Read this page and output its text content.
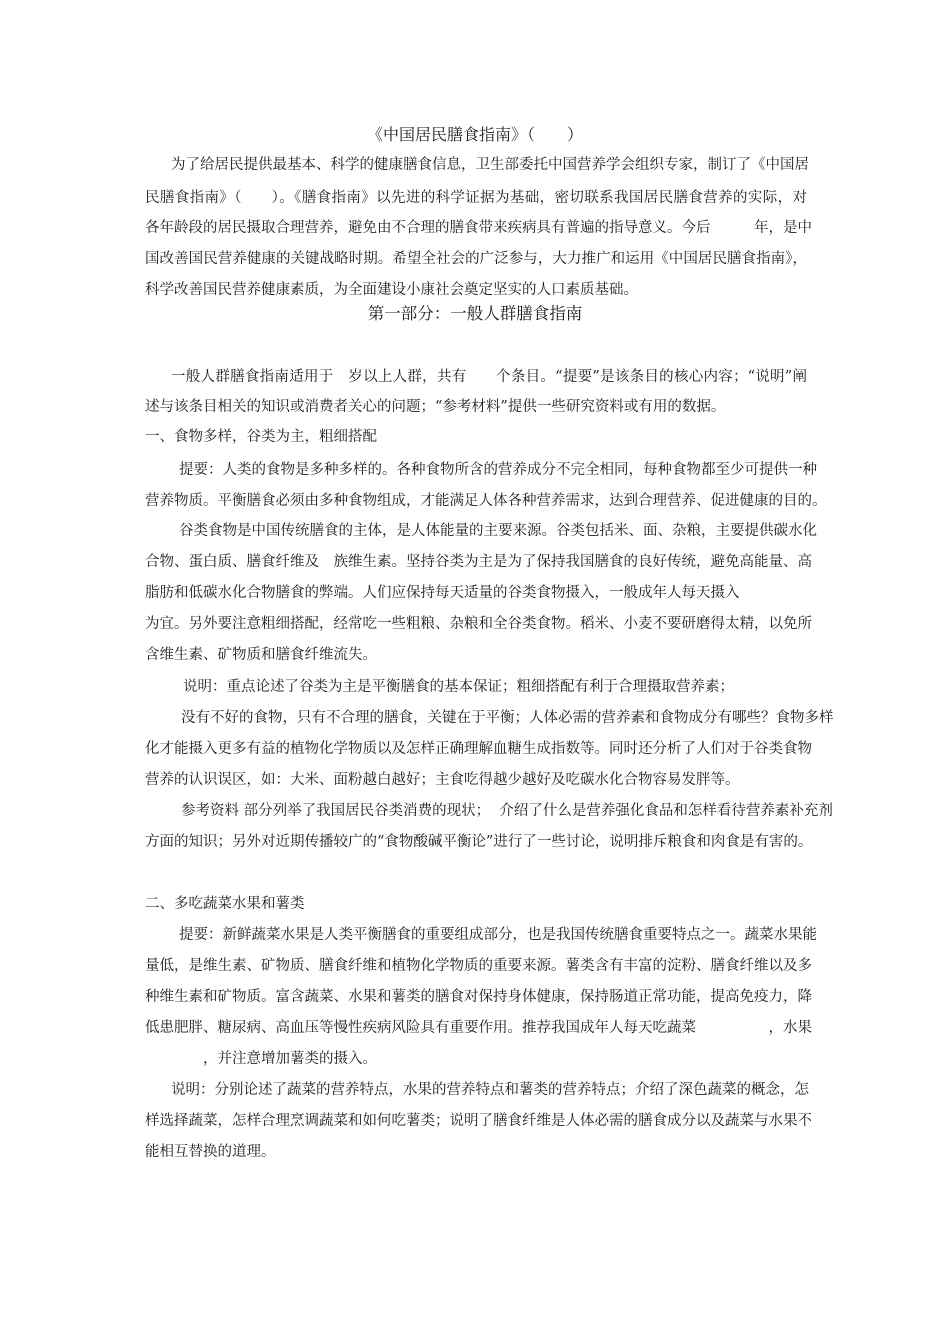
《中国居民膳食指南》（　　）
为了给居民提供最基本、科学的健康膳食信息，卫生部委托中国营养学会组织专家，制订了《中国居
民膳食指南》（　　）。《膳食指南》以先进的科学证据为基础，密切联系我国居民膳食营养的实际，对
各年龄段的居民摄取合理营养，避免由不合理的膳食带来疾病具有普遍的指导意义。今后　　　年，是中
国改善国民营养健康的关键战略时期。希望全社会的广泛参与，大力推广和运用《中国居民膳食指南》，
科学改善国民营养健康素质，为全面建设小康社会奠定坚实的人口素质基础。
第一部分：一般人群膳食指南
一般人群膳食指南适用于　岁以上人群，共有　　个条目。“提要”是该条目的核心内容；“说明”阐
述与该条目相关的知识或消费者关心的问题；“参考材料”提供一些研究资料或有用的数据。
一、食物多样，谷类为主，粗细搭配
提要：人类的食物是多种多样的。各种食物所含的营养成分不完全相同，每种食物都至少可提供一种
营养物质。平衡膳食必须由多种食物组成，才能满足人体各种营养需求，达到合理营养、促进健康的目的。
谷类食物是中国传统膳食的主体，是人体能量的主要来源。谷类包括米、面、杂粮，主要提供碳水化
合物、蛋白质、膳食纤维及　族维生素。坚持谷类为主是为了保持我国膳食的良好传统，避免高能量、高
脂肪和低碳水化合物膳食的弊端。人们应保持每天适量的谷类食物摄入，一般成年人每天摄入
为宜。另外要注意粗细搭配，经常吃一些粗粮、杂粮和全谷类食物。稻米、小麦不要研磨得太精，以免所
含维生素、矿物质和膳食纤维流失。
说明：重点论述了谷类为主是平衡膳食的基本保证；粗细搭配有利于合理摄取营养素；
没有不好的食物，只有不合理的膳食，关键在于平衡；人体必需的营养素和食物成分有哪些？食物多样
化才能摄入更多有益的植物化学物质以及怎样正确理解血糖生成指数等。同时还分析了人们对于谷类食物
营养的认识误区，如：大米、面粉越白越好；主食吃得越少越好及吃碳水化合物容易发胖等。
参考资料 部分列举了我国居民谷类消费的现状；  介绍了什么是营养强化食品和怎样看待营养素补充剂
方面的知识；另外对近期传播较广的“食物酸碱平衡论”进行了一些讨论，说明排斥粮食和肉食是有害的。
二、多吃蔬菜水果和薯类
提要：新鲜蔬菜水果是人类平衡膳食的重要组成部分，也是我国传统膳食重要特点之一。蔬菜水果能
量低，是维生素、矿物质、膳食纤维和植物化学物质的重要来源。薯类含有丰富的淀粉、膳食纤维以及多
种维生素和矿物质。富含蔬菜、水果和薯类的膳食对保持身体健康，保持肠道正常功能，提高免疫力，降
低患肥胖、糖尿病、高血压等慢性疾病风险具有重要作用。推荐我国成年人每天吃蔬菜　　　　　，水果
　　　　，并注意增加薯类的摄入。
说明：分别论述了蔬菜的营养特点，水果的营养特点和薯类的营养特点；介绍了深色蔬菜的概念，怎
样选择蔬菜，怎样合理烹调蔬菜和如何吃薯类；说明了膳食纤维是人体必需的膳食成分以及蔬菜与水果不
能相互替换的道理。
